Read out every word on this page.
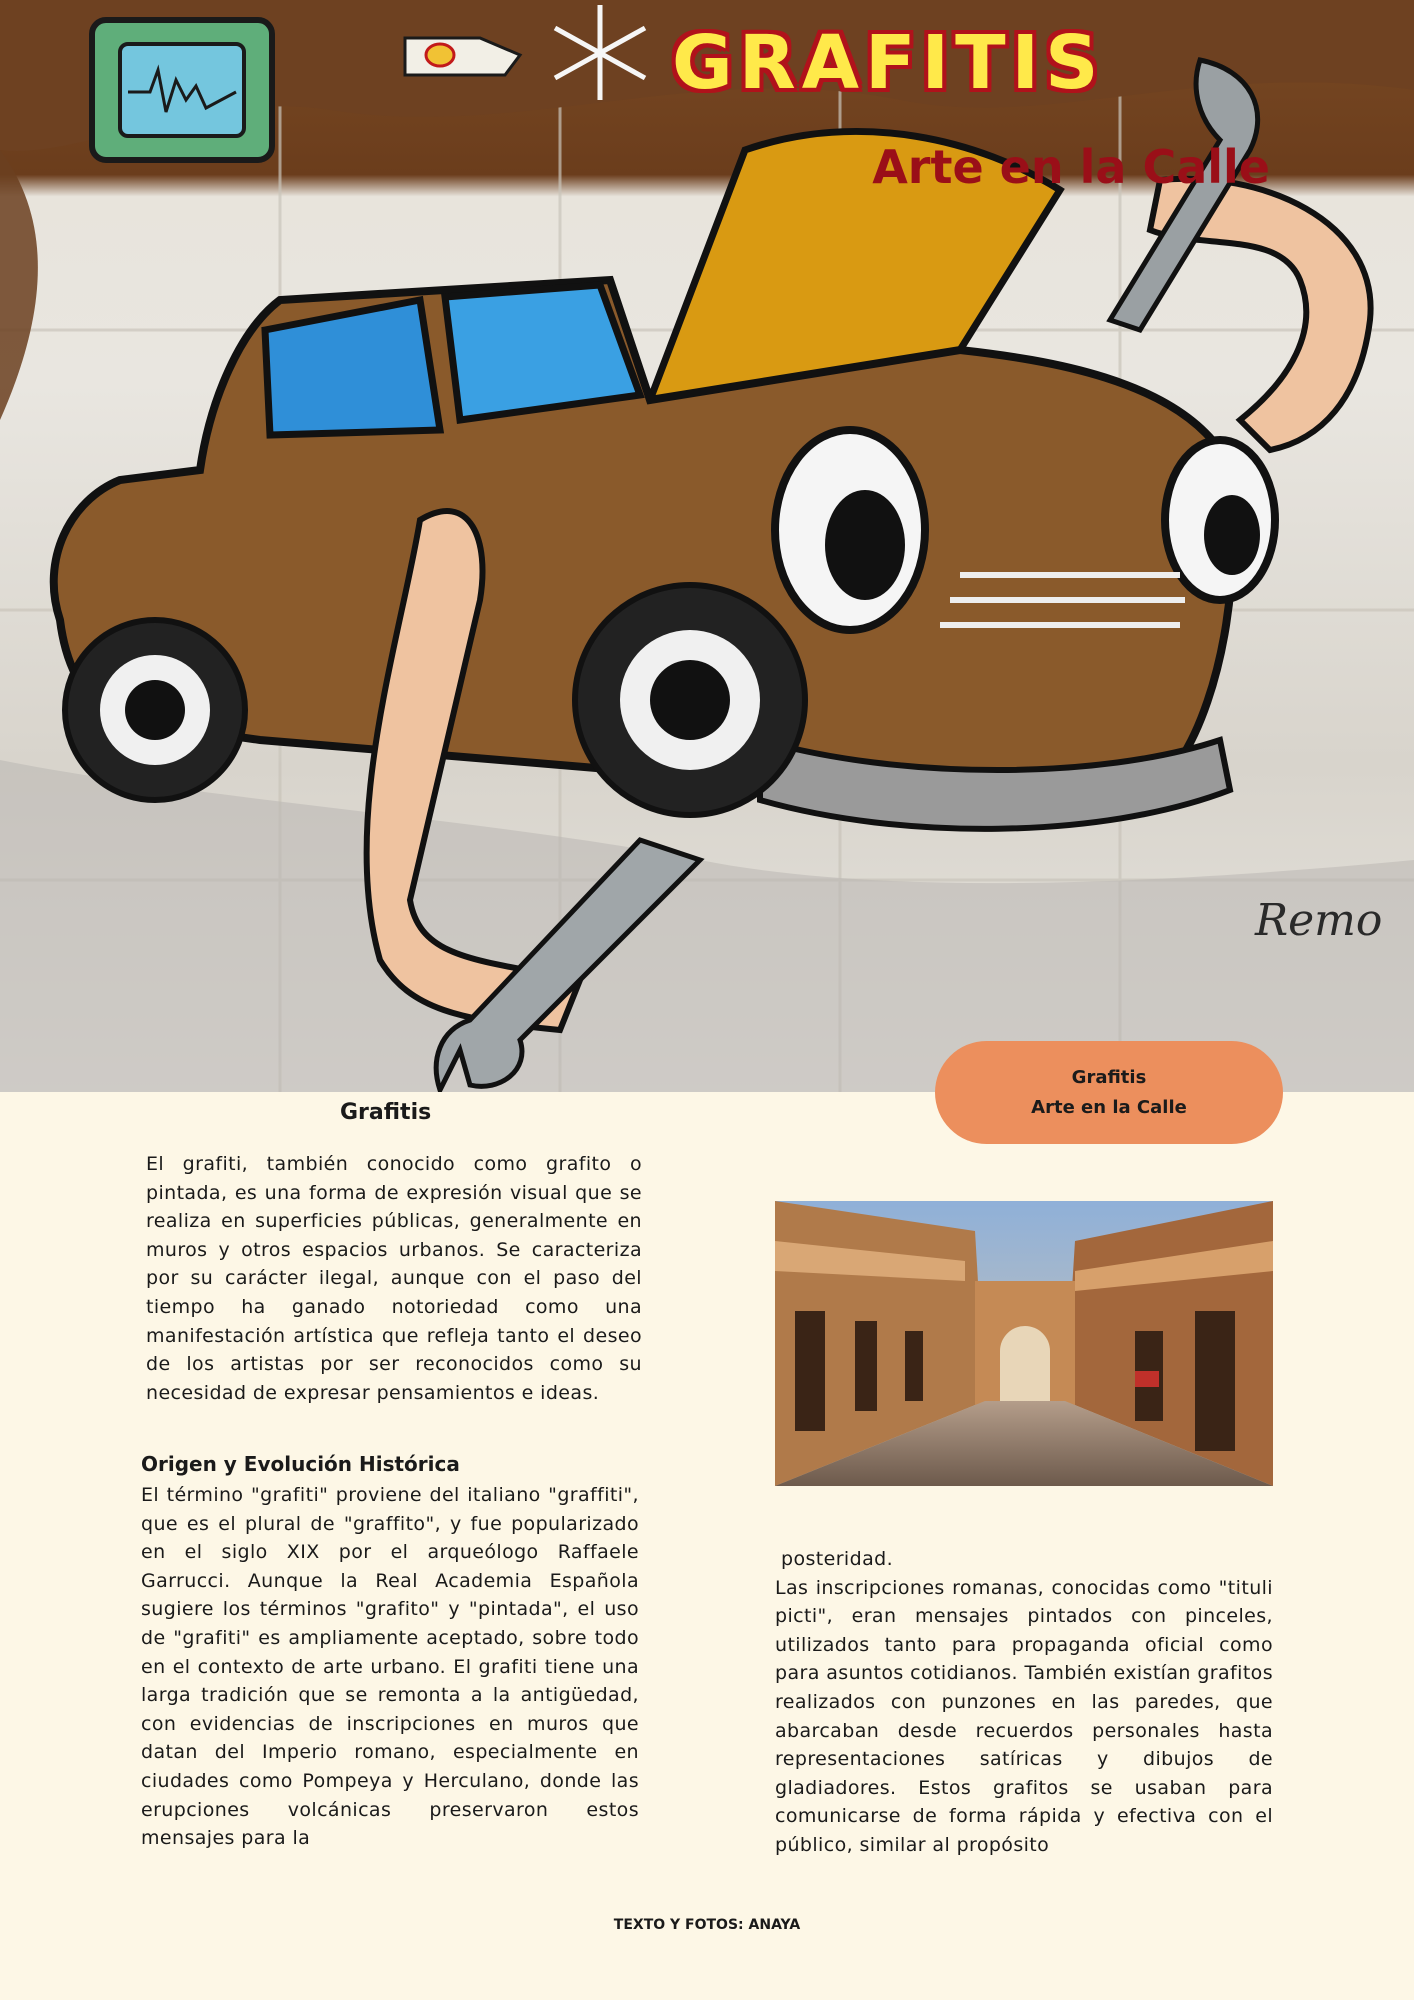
Remo
GRAFITIS
Arte en la Calle
Grafitis
Arte en la Calle
Grafitis

El grafiti, también conocido como grafito o pintada, es una forma de expresión visual que se realiza en superficies públicas, generalmente en muros y otros espacios urbanos. Se caracteriza por su carácter ilegal, aunque con el paso del tiempo ha ganado notoriedad como una manifestación artística que refleja tanto el deseo de los artistas por ser reconocidos como su necesidad de expresar pensamientos e ideas.

Origen y Evolución Histórica

El término "grafiti" proviene del italiano "graffiti", que es el plural de "graffito", y fue popularizado en el siglo XIX por el arqueólogo Raffaele Garrucci. Aunque la Real Academia Española sugiere los términos "grafito" y "pintada", el uso de "grafiti" es ampliamente aceptado, sobre todo en el contexto de arte urbano. El grafiti tiene una larga tradición que se remonta a la antigüedad, con evidencias de inscripciones en muros que datan del Imperio romano, especialmente en ciudades como Pompeya y Herculano, donde las erupciones volcánicas preservaron estos mensajes para la

posteridad.
Las inscripciones romanas, conocidas como "tituli picti", eran mensajes pintados con pinceles, utilizados tanto para propaganda oficial como para asuntos cotidianos. También existían grafitos realizados con punzones en las paredes, que abarcaban desde recuerdos personales hasta representaciones satíricas y dibujos de gladiadores. Estos grafitos se usaban para comunicarse de forma rápida y efectiva con el público, similar al propósito

TEXTO Y FOTOS: ANAYA
